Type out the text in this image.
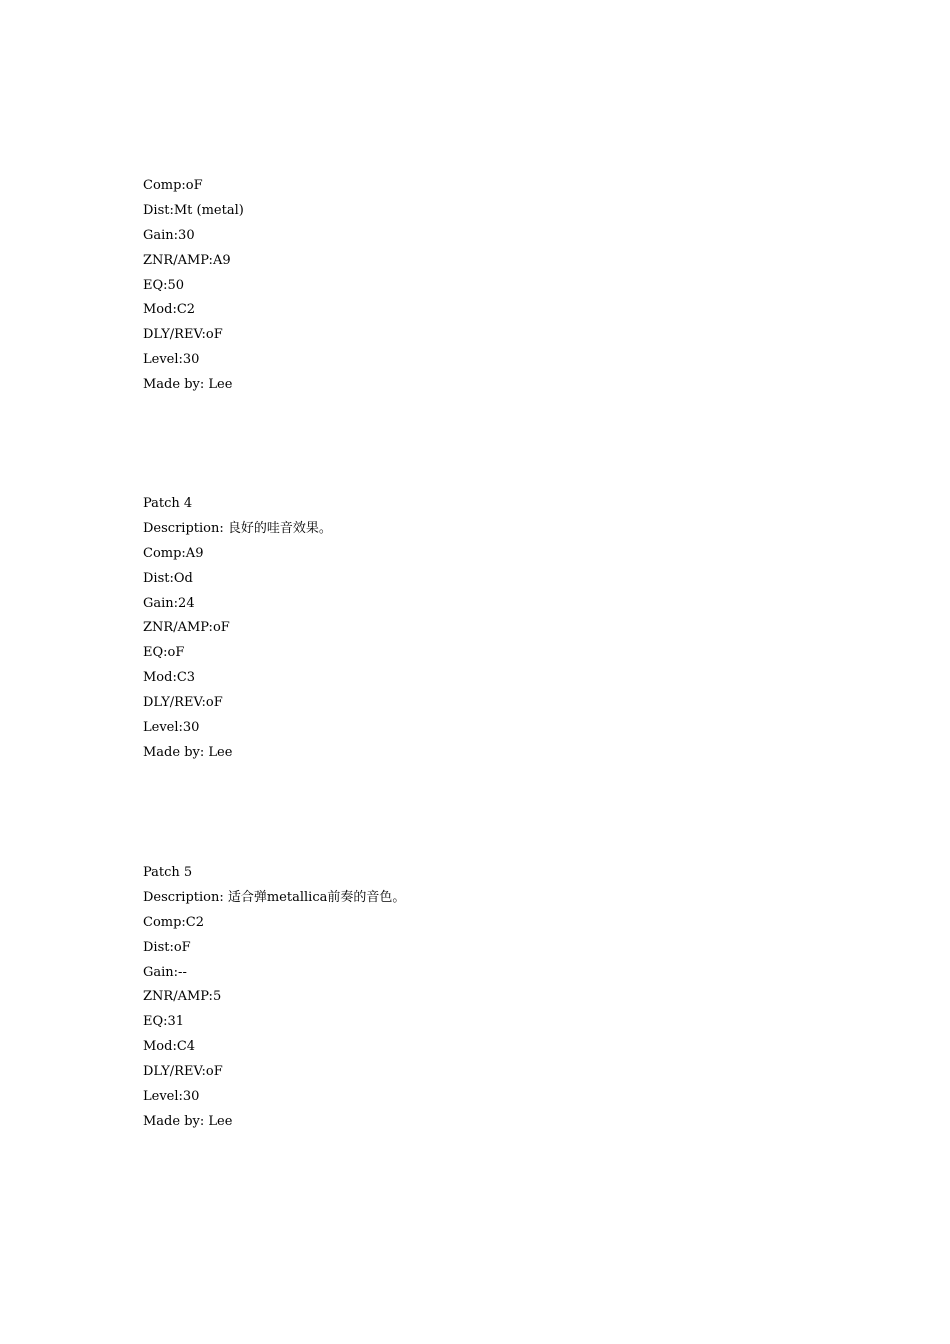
Comp:oF
Dist:Mt (metal)
Gain:30
ZNR/AMP:A9
EQ:50
Mod:C2
DLY/REV:oF
Level:30
Made by: Lee
Patch 4
Description: 良好的哇音效果。
Comp:A9
Dist:Od
Gain:24
ZNR/AMP:oF
EQ:oF
Mod:C3
DLY/REV:oF
Level:30
Made by: Lee
Patch 5
Description: 适合弹metallica前奏的音色。
Comp:C2
Dist:oF
Gain:--
ZNR/AMP:5
EQ:31
Mod:C4
DLY/REV:oF
Level:30
Made by: Lee
